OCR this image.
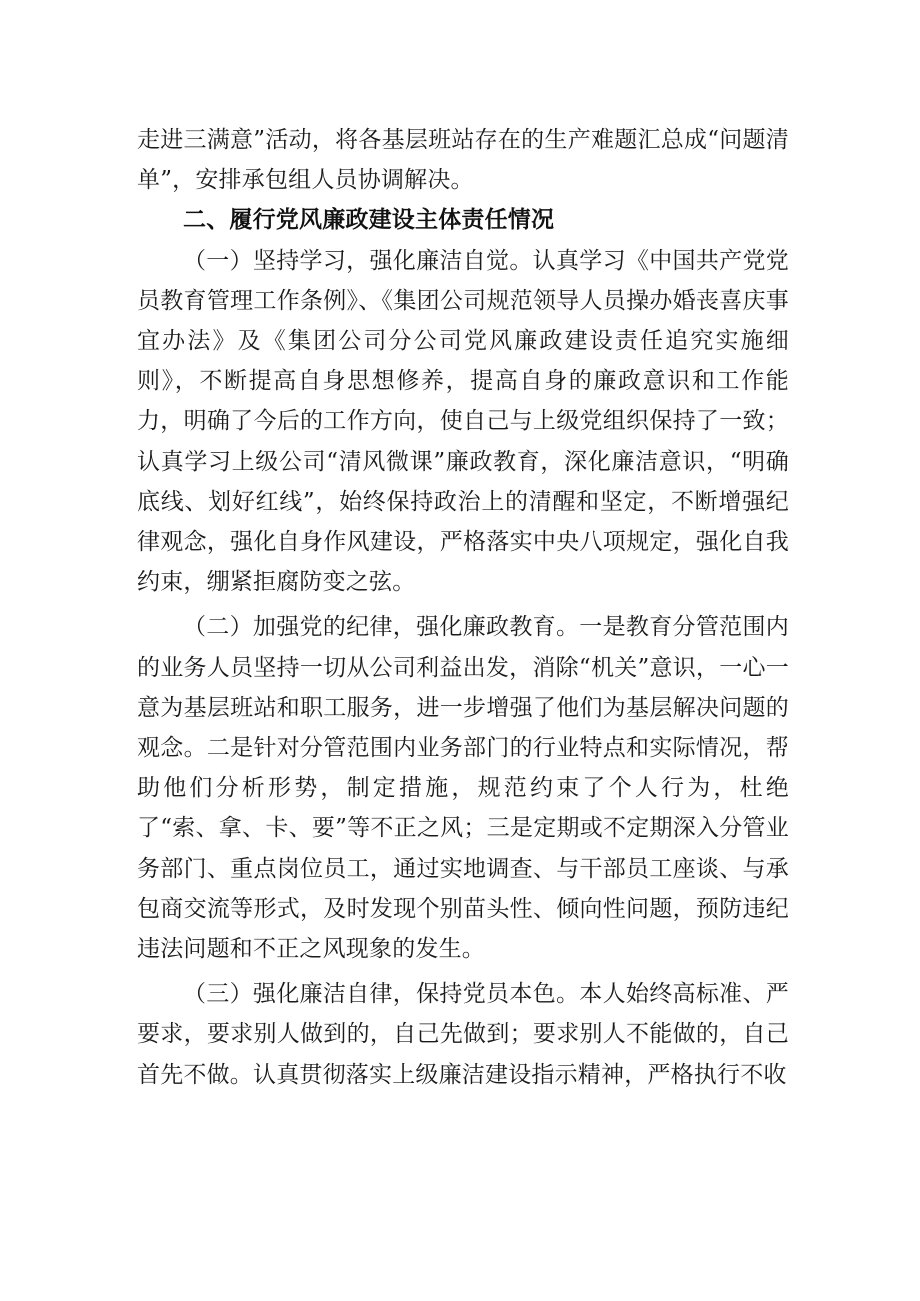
走进三满意”活动，将各基层班站存在的生产难题汇总成“问题清单”，安排承包组人员协调解决。

二、履行党风廉政建设主体责任情况

（一）坚持学习，强化廉洁自觉。认真学习《中国共产党党员教育管理工作条例》、《集团公司规范领导人员操办婚丧喜庆事宜办法》及《集团公司分公司党风廉政建设责任追究实施细则》，不断提高自身思想修养，提高自身的廉政意识和工作能力，明确了今后的工作方向，使自己与上级党组织保持了一致；认真学习上级公司“清风微课”廉政教育，深化廉洁意识，“明确底线、划好红线”，始终保持政治上的清醒和坚定，不断增强纪律观念，强化自身作风建设，严格落实中央八项规定，强化自我约束，绷紧拒腐防变之弦。

（二）加强党的纪律，强化廉政教育。一是教育分管范围内的业务人员坚持一切从公司利益出发，消除“机关”意识，一心一意为基层班站和职工服务，进一步增强了他们为基层解决问题的观念。二是针对分管范围内业务部门的行业特点和实际情况，帮助他们分析形势，制定措施，规范约束了个人行为，杜绝了“索、拿、卡、要”等不正之风；三是定期或不定期深入分管业务部门、重点岗位员工，通过实地调查、与干部员工座谈、与承包商交流等形式，及时发现个别苗头性、倾向性问题，预防违纪违法问题和不正之风现象的发生。

（三）强化廉洁自律，保持党员本色。本人始终高标准、严要求，要求别人做到的，自己先做到；要求别人不能做的，自己首先不做。认真贯彻落实上级廉洁建设指示精神，严格执行不收
